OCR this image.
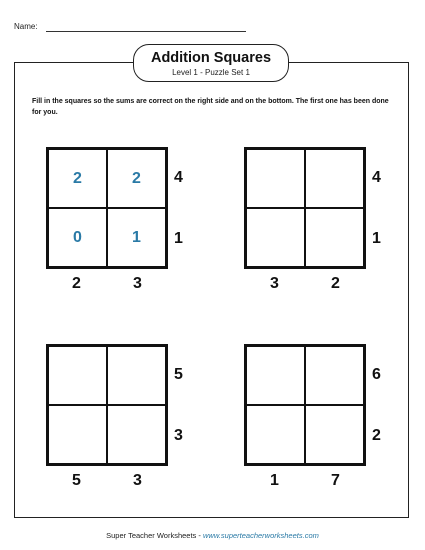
Name:
Addition Squares
Level 1 - Puzzle Set 1
Fill in the squares so the sums are correct on the right side and on the bottom. The first one has been done for you.
2	2
0	1
4
1
2	3
4
1
3	2
5
3
5	3
6
2
1	7
Super Teacher Worksheets - www.superteacherworksheets.com
